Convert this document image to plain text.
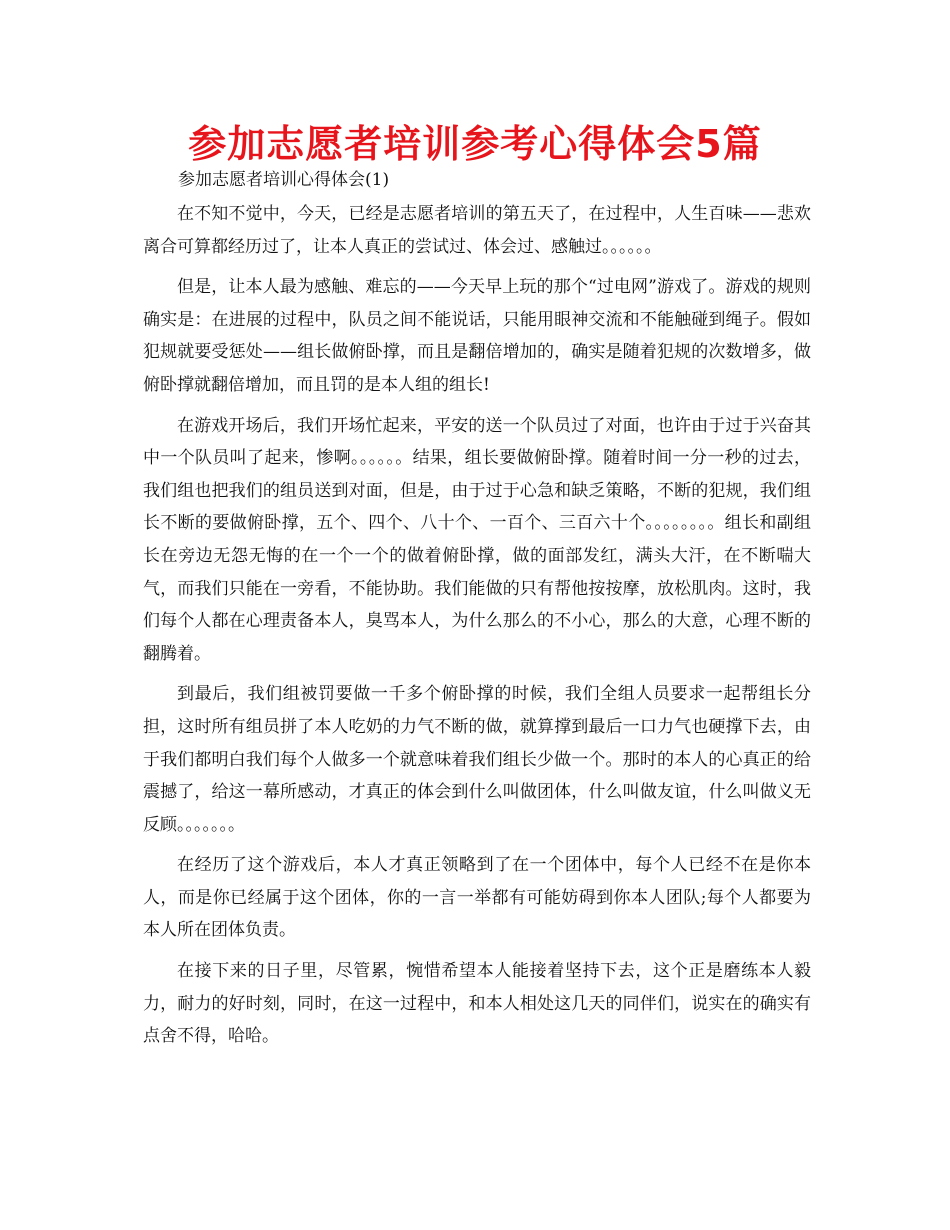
参加志愿者培训参考心得体会5篇
参加志愿者培训心得体会(1)

在不知不觉中，今天，已经是志愿者培训的第五天了，在过程中，人生百味——悲欢离合可算都经历过了，让本人真正的尝试过、体会过、感触过。。。。。。

但是，让本人最为感触、难忘的——今天早上玩的那个“过电网”游戏了。游戏的规则确实是：在进展的过程中，队员之间不能说话，只能用眼神交流和不能触碰到绳子。假如犯规就要受惩处——组长做俯卧撑，而且是翻倍增加的，确实是随着犯规的次数增多，做俯卧撑就翻倍增加，而且罚的是本人组的组长!

在游戏开场后，我们开场忙起来，平安的送一个队员过了对面，也许由于过于兴奋其中一个队员叫了起来，惨啊。。。。。。结果，组长要做俯卧撑。随着时间一分一秒的过去，我们组也把我们的组员送到对面，但是，由于过于心急和缺乏策略，不断的犯规，我们组长不断的要做俯卧撑，五个、四个、八十个、一百个、三百六十个。。。。。。。。组长和副组长在旁边无怨无悔的在一个一个的做着俯卧撑，做的面部发红，满头大汗，在不断喘大气，而我们只能在一旁看，不能协助。我们能做的只有帮他按按摩，放松肌肉。这时，我们每个人都在心理责备本人，臭骂本人，为什么那么的不小心，那么的大意，心理不断的翻腾着。

到最后，我们组被罚要做一千多个俯卧撑的时候，我们全组人员要求一起帮组长分担，这时所有组员拼了本人吃奶的力气不断的做，就算撑到最后一口力气也硬撑下去，由于我们都明白我们每个人做多一个就意味着我们组长少做一个。那时的本人的心真正的给震撼了，给这一幕所感动，才真正的体会到什么叫做团体，什么叫做友谊，什么叫做义无反顾。。。。。。。

在经历了这个游戏后，本人才真正领略到了在一个团体中，每个人已经不在是你本人，而是你已经属于这个团体，你的一言一举都有可能妨碍到你本人团队;每个人都要为本人所在团体负责。

在接下来的日子里，尽管累，惋惜希望本人能接着坚持下去，这个正是磨练本人毅力，耐力的好时刻，同时，在这一过程中，和本人相处这几天的同伴们，说实在的确实有点舍不得，哈哈。
